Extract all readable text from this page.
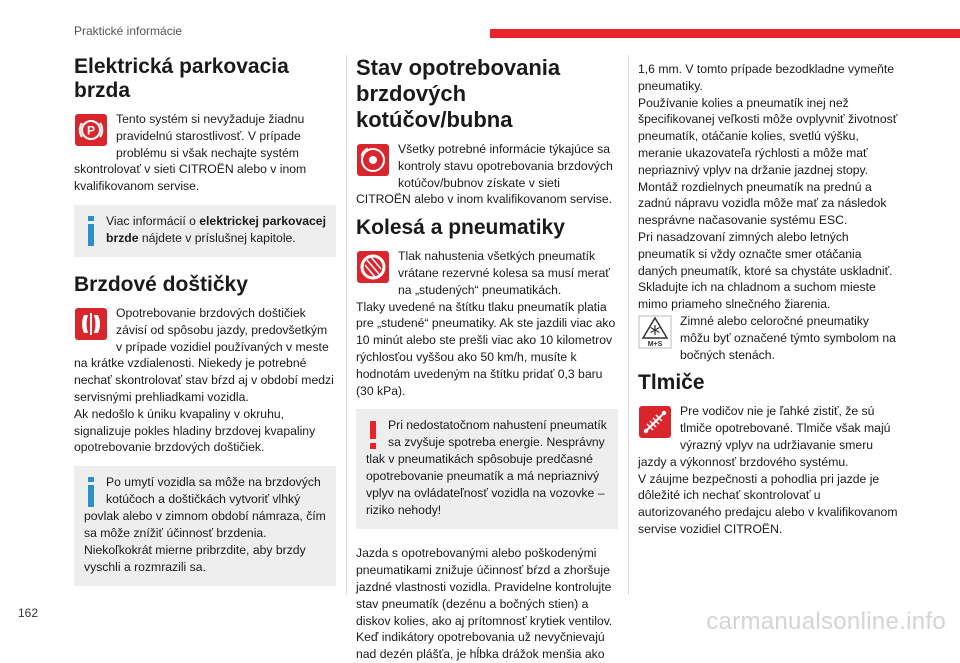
Praktické informácie
Elektrická parkovacia brzda
P

Tento systém si nevyžaduje žiadnu pravidelnú starostlivosť. V prípade problému si však nechajte systém skontrolovať v sieti CITROËN alebo v inom kvalifikovanom servise.

Viac informácií o elektrickej parkovacej brzde nájdete v príslušnej kapitole.

Brzdové doštičky

Opotrebovanie brzdových doštičiek závisí od spôsobu jazdy, predovšetkým v prípade vozidiel používaných v meste na krátke vzdialenosti. Niekedy je potrebné nechať skontrolovať stav bŕzd aj v období medzi servisnými prehliadkami vozidla.

Ak nedošlo k úniku kvapaliny v okruhu, signalizuje pokles hladiny brzdovej kvapaliny opotrebovanie brzdových doštičiek.

Po umytí vozidla sa môže na brzdových kotúčoch a doštičkách vytvoriť vlhký povlak alebo v zimnom období námraza, čím sa môže znížiť účinnosť brzdenia.

Niekoľkokrát mierne pribrzdite, aby brzdy vyschli a rozmrazili sa.

Stav opotrebovania brzdových kotúčov/bubna

Všetky potrebné informácie týkajúce sa kontroly stavu opotrebovania brzdových kotúčov/bubnov získate v sieti CITROËN alebo v inom kvalifikovanom servise.

Kolesá a pneumatiky

Tlak nahustenia všetkých pneumatík vrátane rezervné kolesa sa musí merať na „studených“ pneumatikách.

Tlaky uvedené na štítku tlaku pneumatík platia pre „studené“ pneumatiky. Ak ste jazdili viac ako 10 minút alebo ste prešli viac ako 10 kilometrov rýchlosťou vyššou ako 50 km/h, musíte k hodnotám uvedeným na štítku pridať 0,3 baru (30 kPa).

Pri nedostatočnom nahustení pneumatík sa zvyšuje spotreba energie. Nesprávny tlak v pneumatikách spôsobuje predčasné opotrebovanie pneumatík a má nepriaznivý vplyv na ovládateľnosť vozidla na vozovke – riziko nehody!

Jazda s opotrebovanými alebo poškodenými pneumatikami znižuje účinnosť bŕzd a zhoršuje jazdné vlastnosti vozidla. Pravidelne kontrolujte stav pneumatík (dezénu a bočných stien) a diskov kolies, ako aj prítomnosť krytiek ventilov.

Keď indikátory opotrebovania už nevyčnievajú nad dezén plášťa, je hĺbka drážok menšia ako

1,6 mm. V tomto prípade bezodkladne vymeňte pneumatiky.

Používanie kolies a pneumatík inej než špecifikovanej veľkosti môže ovplyvniť životnosť pneumatík, otáčanie kolies, svetlú výšku, meranie ukazovateľa rýchlosti a môže mať nepriaznivý vplyv na držanie jazdnej stopy.

Montáž rozdielnych pneumatík na prednú a zadnú nápravu vozidla môže mať za následok nesprávne načasovanie systému ESC.

Pri nasadzovaní zimných alebo letných pneumatík si vždy označte smer otáčania daných pneumatík, ktoré sa chystáte uskladniť. Skladujte ich na chladnom a suchom mieste mimo priameho slnečného žiarenia.

M+S

Zimné alebo celoročné pneumatiky môžu byť označené týmto symbolom na bočných stenách.

Tlmiče

Pre vodičov nie je ľahké zistiť, že sú tlmiče opotrebované. Tlmiče však majú výrazný vplyv na udržiavanie smeru jazdy a výkonnosť brzdového systému.

V záujme bezpečnosti a pohodlia pri jazde je dôležité ich nechať skontrolovať u autorizovaného predajcu alebo v kvalifikovanom servise vozidiel CITROËN.

162	carmanualsonline.info
